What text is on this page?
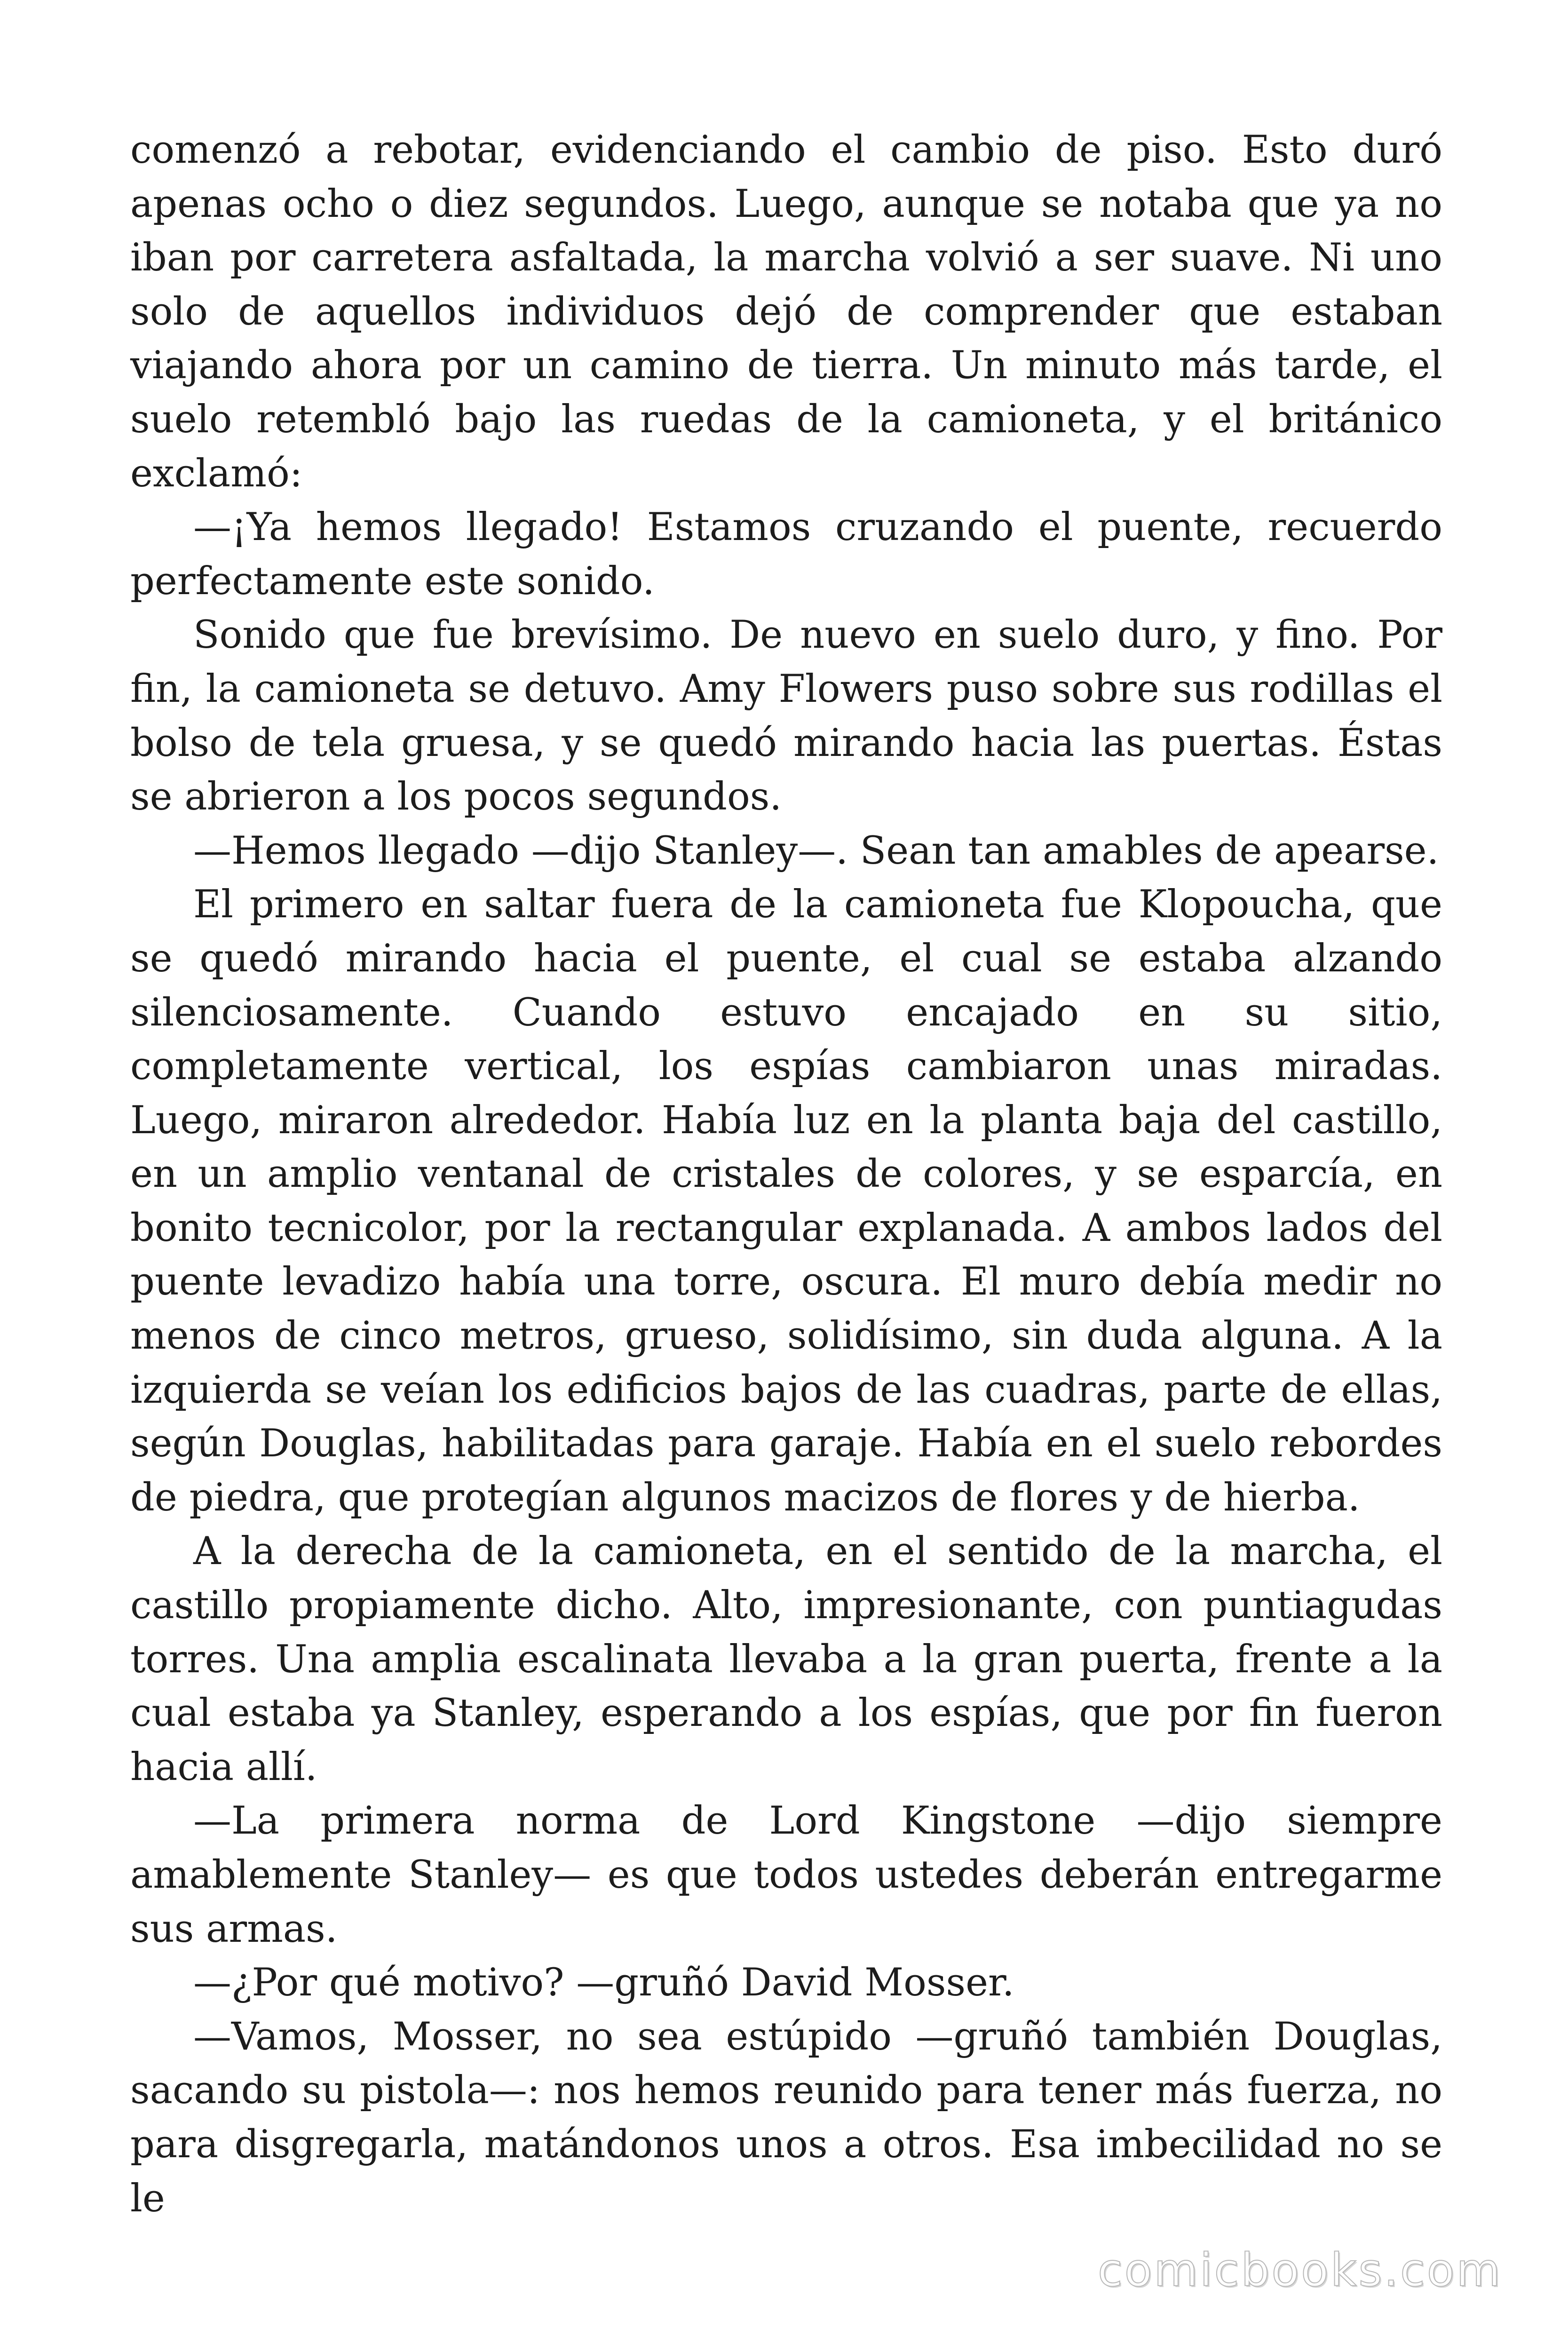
comenzó a rebotar, evidenciando el cambio de piso. Esto duró apenas ocho o diez segundos. Luego, aunque se notaba que ya no iban por carretera asfaltada, la marcha volvió a ser suave. Ni uno solo de aquellos individuos dejó de comprender que estaban viajando ahora por un camino de tierra. Un minuto más tarde, el suelo retembló bajo las ruedas de la camioneta, y el británico exclamó:

—¡Ya hemos llegado! Estamos cruzando el puente, recuerdo perfectamente este sonido.

Sonido que fue brevísimo. De nuevo en suelo duro, y fino. Por fin, la camioneta se detuvo. Amy Flowers puso sobre sus rodillas el bolso de tela gruesa, y se quedó mirando hacia las puertas. Éstas se abrieron a los pocos segundos.

—Hemos llegado —dijo Stanley—. Sean tan amables de apearse.

El primero en saltar fuera de la camioneta fue Klopoucha, que se quedó mirando hacia el puente, el cual se estaba alzando silenciosamente. Cuando estuvo encajado en su sitio, completamente vertical, los espías cambiaron unas miradas. Luego, miraron alrededor. Había luz en la planta baja del castillo, en un amplio ventanal de cristales de colores, y se esparcía, en bonito tecnicolor, por la rectangular explanada. A ambos lados del puente levadizo había una torre, oscura. El muro debía medir no menos de cinco metros, grueso, solidísimo, sin duda alguna. A la izquierda se veían los edificios bajos de las cuadras, parte de ellas, según Douglas, habilitadas para garaje. Había en el suelo rebordes de piedra, que protegían algunos macizos de flores y de hierba.

A la derecha de la camioneta, en el sentido de la marcha, el castillo propiamente dicho. Alto, impresionante, con puntiagudas torres. Una amplia escalinata llevaba a la gran puerta, frente a la cual estaba ya Stanley, esperando a los espías, que por fin fueron hacia allí.

—La primera norma de Lord Kingstone —dijo siempre amablemente Stanley— es que todos ustedes deberán entregarme sus armas.

—¿Por qué motivo? —gruñó David Mosser.

—Vamos, Mosser, no sea estúpido —gruñó también Douglas, sacando su pistola—: nos hemos reunido para tener más fuerza, no para disgregarla, matándonos unos a otros. Esa imbecilidad no se le

comicbooks.com
